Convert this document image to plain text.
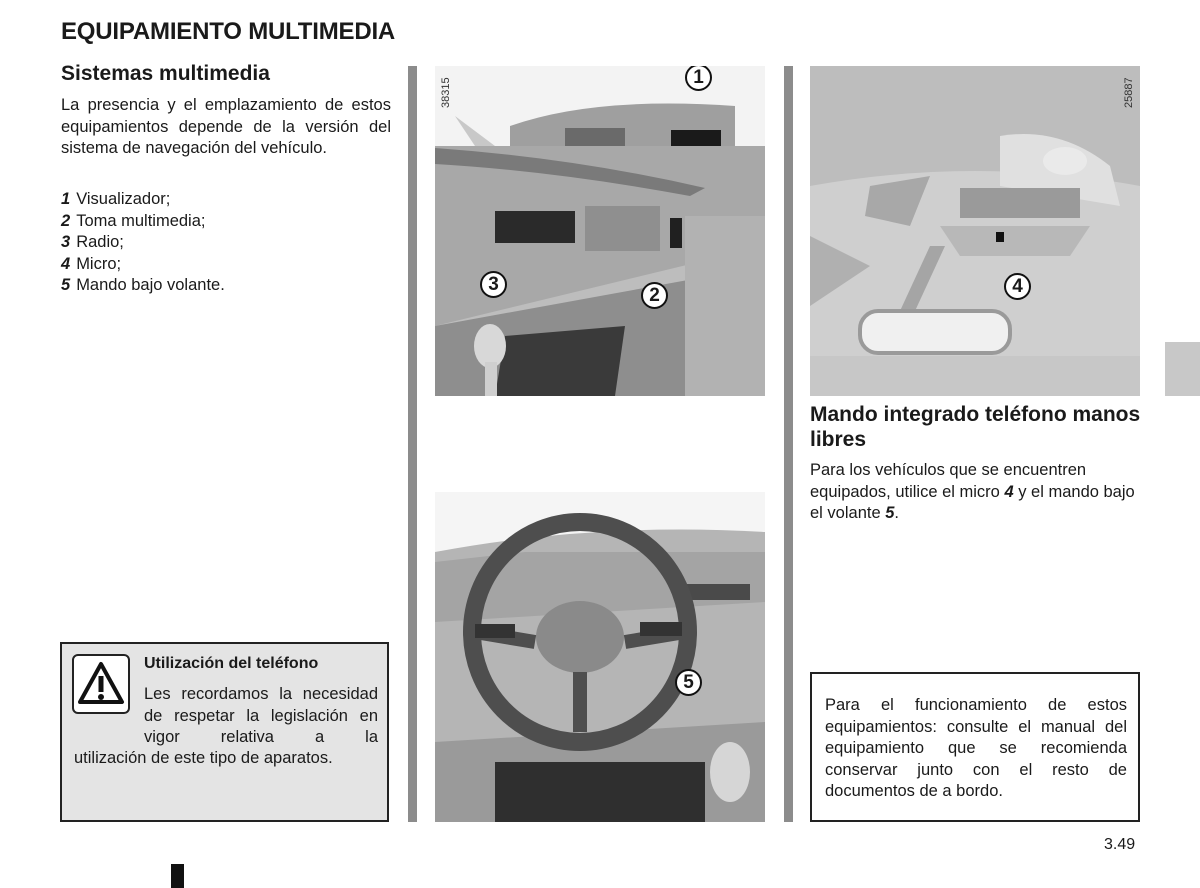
EQUIPAMIENTO MULTIMEDIA
Sistemas multimedia
La presencia y el emplazamiento de estos equipamientos depende de la versión del sistema de navegación del vehículo.
1 Visualizador;
2 Toma multimedia;
3 Radio;
4 Micro;
5 Mando bajo volante.
Utilización del teléfono
Les recordamos la necesidad de respetar la legislación en vigor relativa a la
utilización de este tipo de aparatos.
38315
1
2
3
5
25887
4
Mando integrado teléfono manos libres
Para los vehículos que se encuentren equipados, utilice el micro 4 y el mando bajo el volante 5.
Para el funcionamiento de estos equipamientos: consulte el manual del equipamiento que se recomienda conservar junto con el resto de documentos de a bordo.
3.49
